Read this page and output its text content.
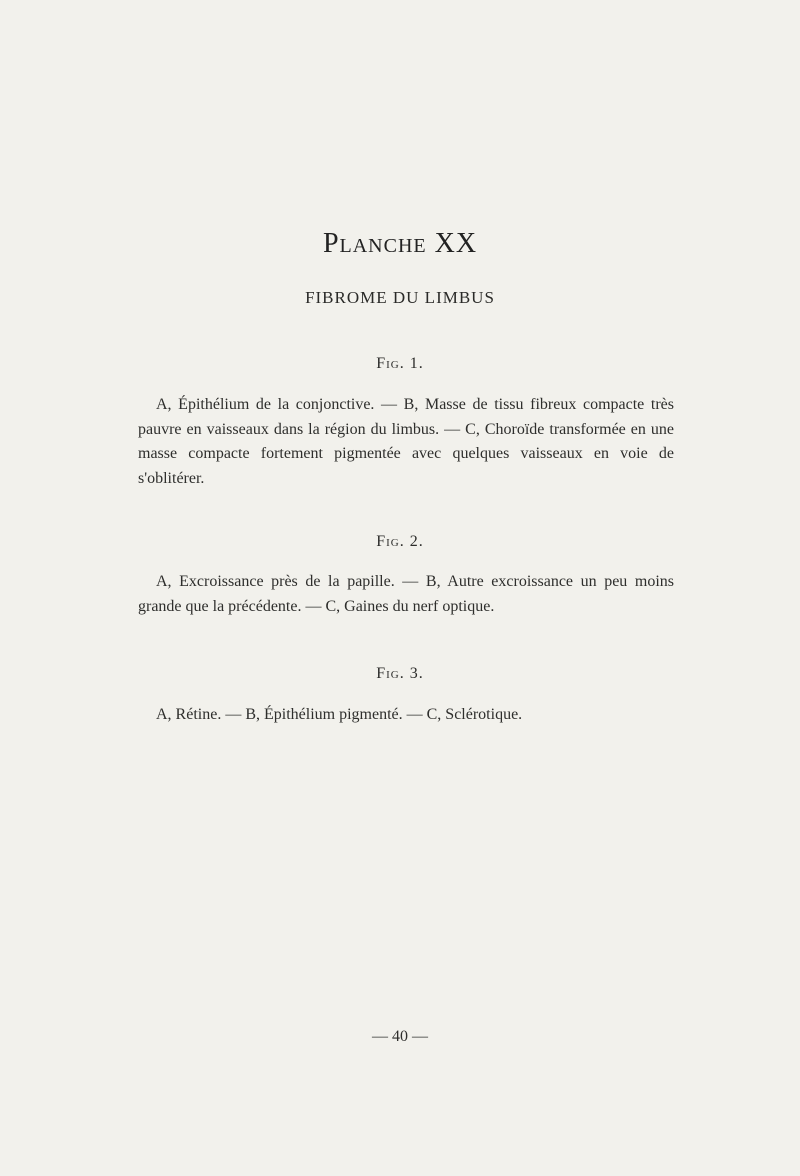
Planche XX
FIBROME DU LIMBUS
Fig. 1.
A, Épithélium de la conjonctive. — B, Masse de tissu fibreux compacte très pauvre en vaisseaux dans la région du limbus. — C, Choroïde transformée en une masse compacte fortement pigmentée avec quelques vaisseaux en voie de s'oblitérer.
Fig. 2.
A, Excroissance près de la papille. — B, Autre excroissance un peu moins grande que la précédente. — C, Gaines du nerf optique.
Fig. 3.
A, Rétine. — B, Épithélium pigmenté. — C, Sclérotique.
— 40 —
